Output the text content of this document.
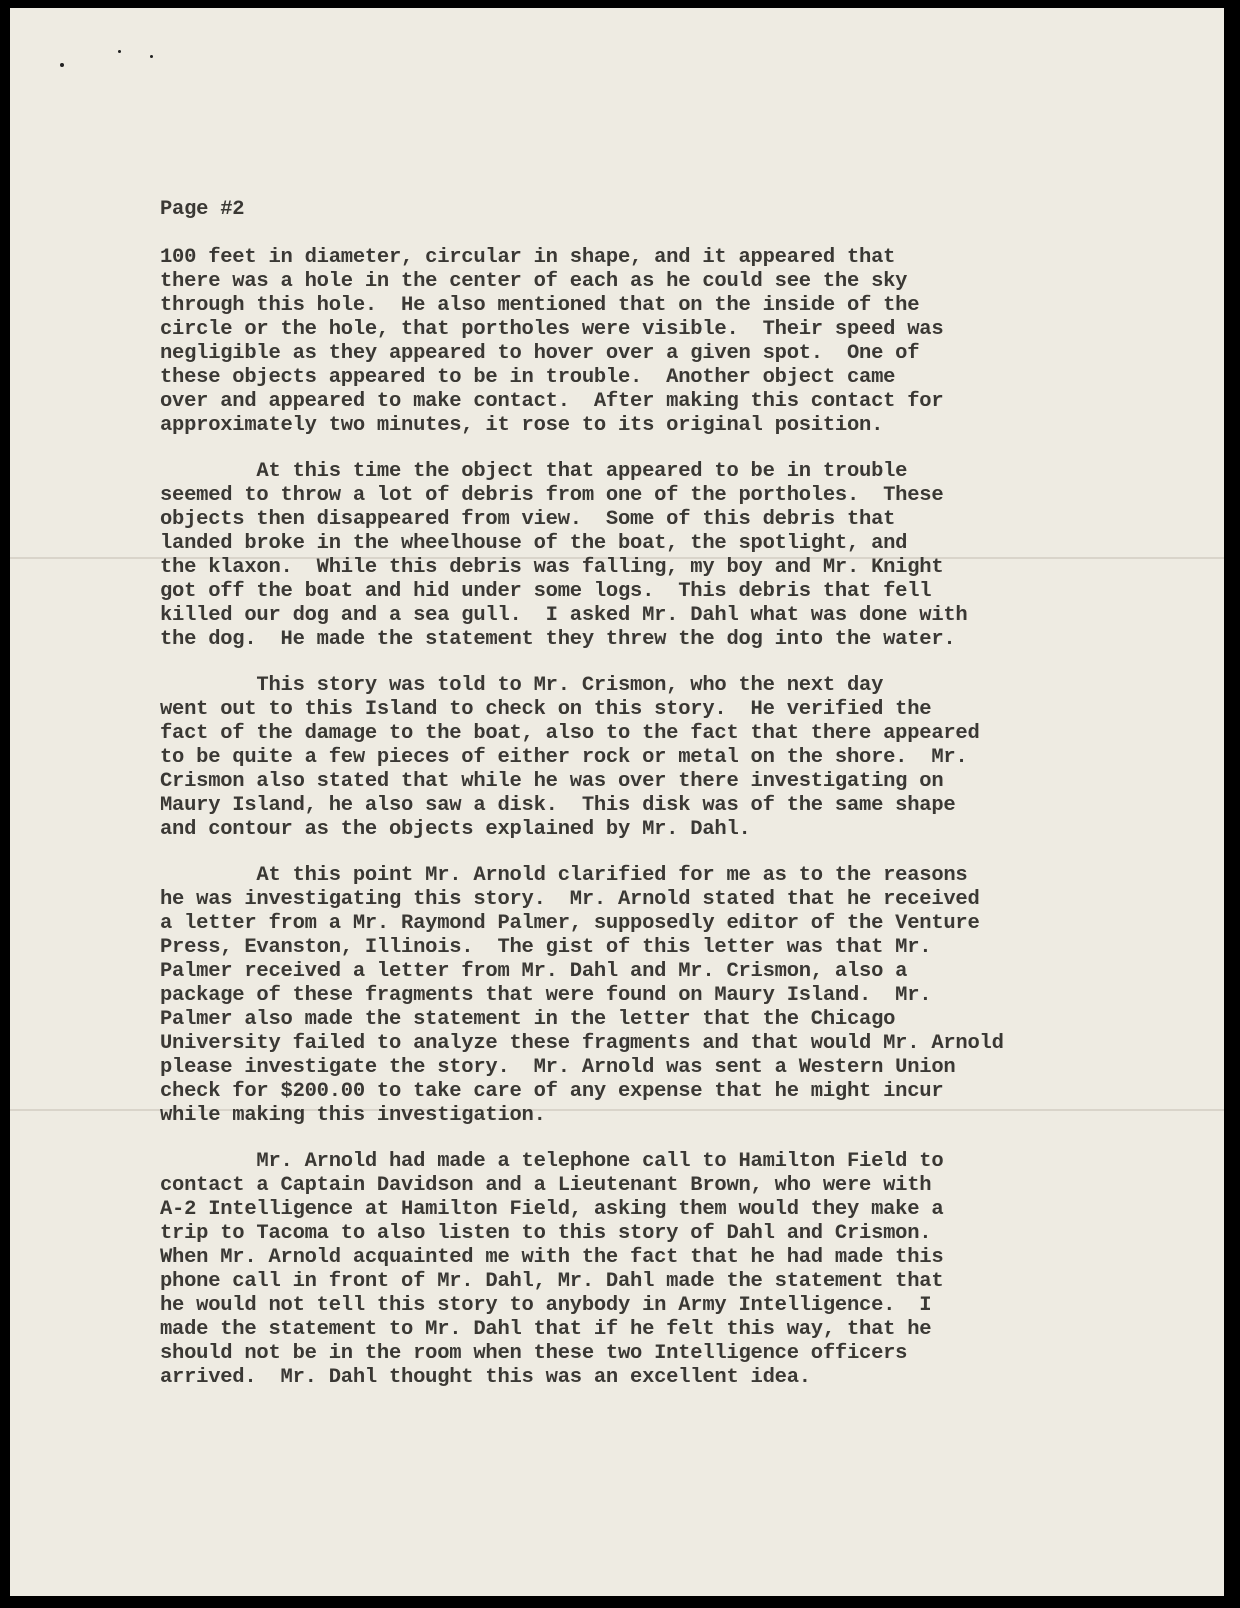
Page #2
100 feet in diameter, circular in shape, and it appeared that
there was a hole in the center of each as he could see the sky
through this hole.  He also mentioned that on the inside of the
circle or the hole, that portholes were visible.  Their speed was
negligible as they appeared to hover over a given spot.  One of
these objects appeared to be in trouble.  Another object came
over and appeared to make contact.  After making this contact for
approximately two minutes, it rose to its original position.
At this time the object that appeared to be in trouble
seemed to throw a lot of debris from one of the portholes.  These
objects then disappeared from view.  Some of this debris that
landed broke in the wheelhouse of the boat, the spotlight, and
the klaxon.  While this debris was falling, my boy and Mr. Knight
got off the boat and hid under some logs.  This debris that fell
killed our dog and a sea gull.  I asked Mr. Dahl what was done with
the dog.  He made the statement they threw the dog into the water.
This story was told to Mr. Crismon, who the next day
went out to this Island to check on this story.  He verified the
fact of the damage to the boat, also to the fact that there appeared
to be quite a few pieces of either rock or metal on the shore.  Mr.
Crismon also stated that while he was over there investigating on
Maury Island, he also saw a disk.  This disk was of the same shape
and contour as the objects explained by Mr. Dahl.
At this point Mr. Arnold clarified for me as to the reasons
he was investigating this story.  Mr. Arnold stated that he received
a letter from a Mr. Raymond Palmer, supposedly editor of the Venture
Press, Evanston, Illinois.  The gist of this letter was that Mr.
Palmer received a letter from Mr. Dahl and Mr. Crismon, also a
package of these fragments that were found on Maury Island.  Mr.
Palmer also made the statement in the letter that the Chicago
University failed to analyze these fragments and that would Mr. Arnold
please investigate the story.  Mr. Arnold was sent a Western Union
check for $200.00 to take care of any expense that he might incur
while making this investigation.
Mr. Arnold had made a telephone call to Hamilton Field to
contact a Captain Davidson and a Lieutenant Brown, who were with
A-2 Intelligence at Hamilton Field, asking them would they make a
trip to Tacoma to also listen to this story of Dahl and Crismon.
When Mr. Arnold acquainted me with the fact that he had made this
phone call in front of Mr. Dahl, Mr. Dahl made the statement that
he would not tell this story to anybody in Army Intelligence.  I
made the statement to Mr. Dahl that if he felt this way, that he
should not be in the room when these two Intelligence officers
arrived.  Mr. Dahl thought this was an excellent idea.
